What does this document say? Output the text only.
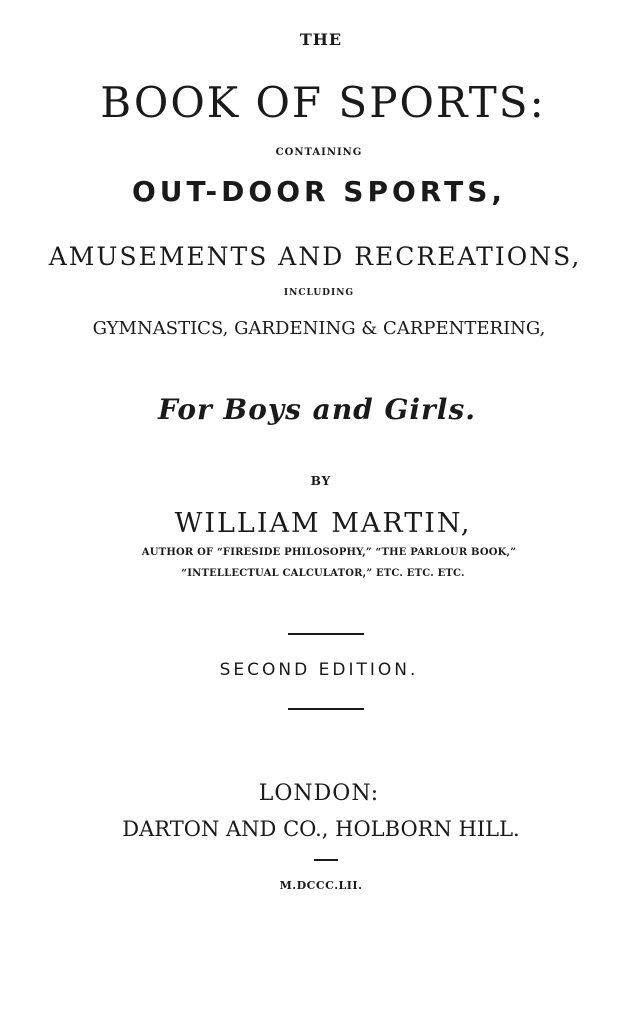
THE
BOOK OF SPORTS:
CONTAINING
OUT-DOOR SPORTS,
AMUSEMENTS AND RECREATIONS,
INCLUDING
GYMNASTICS, GARDENING & CARPENTERING,
For Boys and Girls.
BY
WILLIAM MARTIN,
AUTHOR OF “FIRESIDE PHILOSOPHY,” “THE PARLOUR BOOK,”
“INTELLECTUAL CALCULATOR,” ETC. ETC. ETC.
SECOND EDITION.
LONDON:
DARTON AND CO., HOLBORN HILL.
M.DCCC.LII.
